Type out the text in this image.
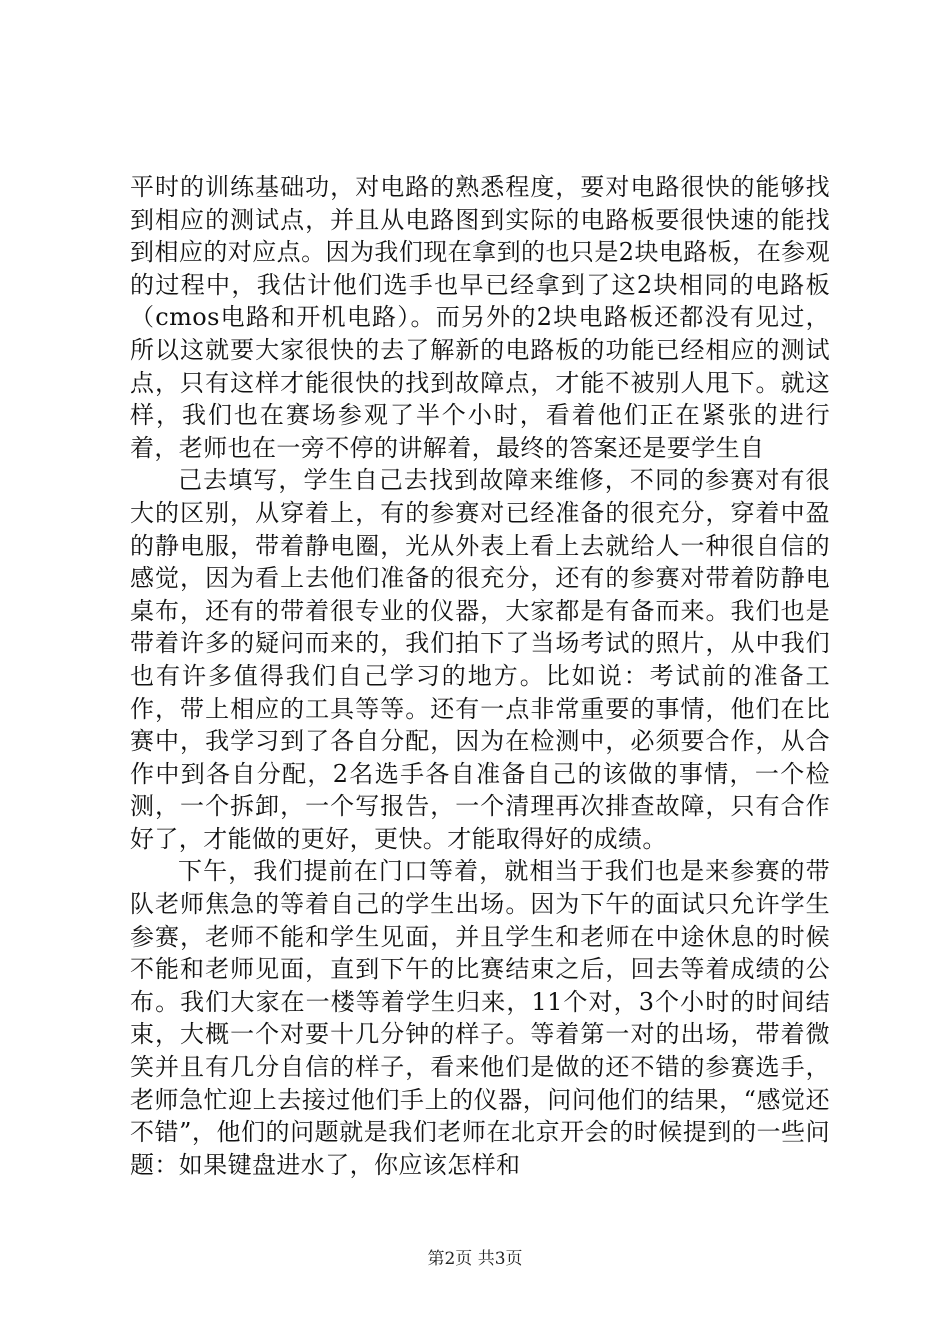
平时的训练基础功，对电路的熟悉程度，要对电路很快的能够找到相应的测试点，并且从电路图到实际的电路板要很快速的能找到相应的对应点。因为我们现在拿到的也只是2块电路板，在参观的过程中，我估计他们选手也早已经拿到了这2块相同的电路板（cmos电路和开机电路）。而另外的2块电路板还都没有见过，所以这就要大家很快的去了解新的电路板的功能已经相应的测试点，只有这样才能很快的找到故障点，才能不被别人甩下。就这样，我们也在赛场参观了半个小时，看着他们正在紧张的进行着，老师也在一旁不停的讲解着，最终的答案还是要学生自

己去填写，学生自己去找到故障来维修，不同的参赛对有很大的区别，从穿着上，有的参赛对已经准备的很充分，穿着中盈的静电服，带着静电圈，光从外表上看上去就给人一种很自信的感觉，因为看上去他们准备的很充分，还有的参赛对带着防静电桌布，还有的带着很专业的仪器，大家都是有备而来。我们也是带着许多的疑问而来的，我们拍下了当场考试的照片，从中我们也有许多值得我们自己学习的地方。比如说：考试前的准备工作，带上相应的工具等等。还有一点非常重要的事情，他们在比赛中，我学习到了各自分配，因为在检测中，必须要合作，从合作中到各自分配，2名选手各自准备自己的该做的事情，一个检测，一个拆卸，一个写报告，一个清理再次排查故障，只有合作好了，才能做的更好，更快。才能取得好的成绩。

下午，我们提前在门口等着，就相当于我们也是来参赛的带队老师焦急的等着自己的学生出场。因为下午的面试只允许学生参赛，老师不能和学生见面，并且学生和老师在中途休息的时候不能和老师见面，直到下午的比赛结束之后，回去等着成绩的公布。我们大家在一楼等着学生归来，11个对，3个小时的时间结束，大概一个对要十几分钟的样子。等着第一对的出场，带着微笑并且有几分自信的样子，看来他们是做的还不错的参赛选手，老师急忙迎上去接过他们手上的仪器，问问他们的结果，“感觉还不错”，他们的问题就是我们老师在北京开会的时候提到的一些问题：如果键盘进水了，你应该怎样和

第2页 共3页
